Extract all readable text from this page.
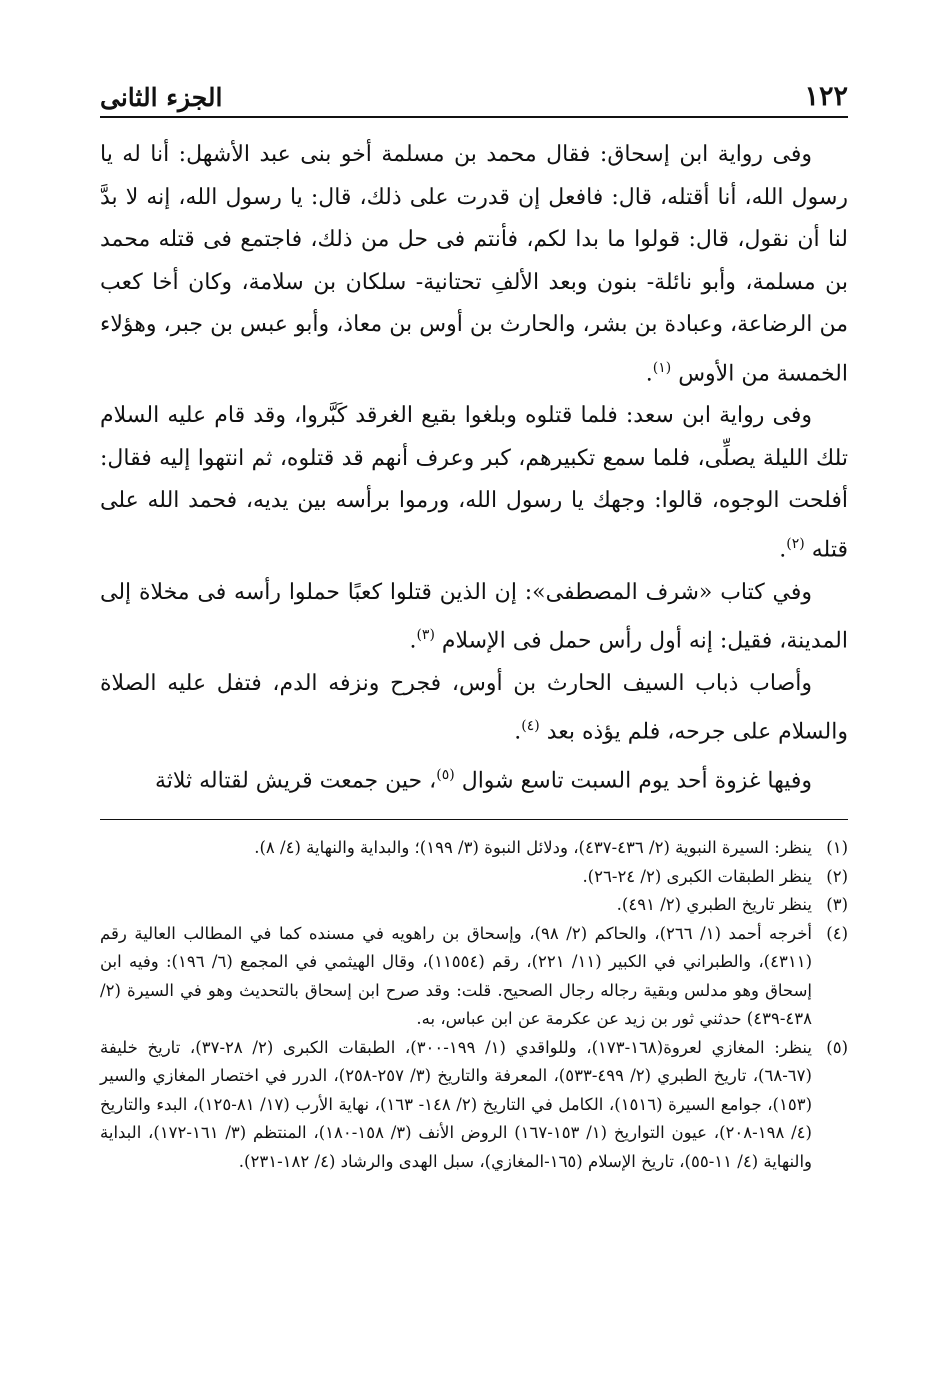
١٢٢
الجزء الثانى

وفى رواية ابن إسحاق: فقال محمد بن مسلمة أخو بنى عبد الأشهل: أنا له يا رسول الله، أنا أقتله، قال: فافعل إن قدرت على ذلك، قال: يا رسول الله، إنه لا بدَّ لنا أن نقول، قال: قولوا ما بدا لكم، فأنتم فى حل من ذلك، فاجتمع فى قتله محمد بن مسلمة، وأبو نائلة- بنون وبعد الألفِ تحتانية- سلكان بن سلامة، وكان أخا كعب من الرضاعة، وعبادة بن بشر، والحارث بن أوس بن معاذ، وأبو عبس بن جبر، وهؤلاء الخمسة من الأوس $^{(١)}$.

وفى رواية ابن سعد: فلما قتلوه وبلغوا بقيع الغرقد كَبَّروا، وقد قام عليه السلام تلك الليلة يصلِّى، فلما سمع تكبيرهم، كبر وعرف أنهم قد قتلوه، ثم انتهوا إليه فقال: أفلحت الوجوه، قالوا: وجهك يا رسول الله، ورموا برأسه بين يديه، فحمد الله على قتله $^{(٢)}$.

وفي كتاب «شرف المصطفى»: إن الذين قتلوا كعبًا حملوا رأسه فى مخلاة إلى المدينة، فقيل: إنه أول رأس حمل فى الإسلام $^{(٣)}$.

وأصاب ذباب السيف الحارث بن أوس، فجرح ونزفه الدم، فتفل عليه الصلاة والسلام على جرحه، فلم يؤذه بعد $^{(٤)}$.

وفيها غزوة أحد يوم السبت تاسع شوال $^{(٥)}$، حين جمعت قريش لقتاله ثلاثة

(١)
ينظر: السيرة النبوية (٢/ ٤٣٦-٤٣٧)، ودلائل النبوة (٣/ ١٩٩)؛ والبداية والنهاية (٤/ ٨).
(٢)
ينظر الطبقات الكبرى (٢/ ٢٤-٢٦).
(٣)
ينظر تاريخ الطبري (٢/ ٤٩١).
(٤)
أخرجه أحمد (١/ ٢٦٦)، والحاكم (٢/ ٩٨)، وإسحاق بن راهويه في مسنده كما في المطالب العالية رقم (٤٣١١)، والطبراني في الكبير (١١/ ٢٢١)، رقم (١١٥٥٤)، وقال الهيثمي في المجمع (٦/ ١٩٦): وفيه ابن إسحاق وهو مدلس وبقية رجاله رجال الصحيح. قلت: وقد صرح ابن إسحاق بالتحديث وهو في السيرة (٢/ ٤٣٨-٤٣٩) حدثني ثور بن زيد عن عكرمة عن ابن عباس، به.
(٥)
ينظر: المغازي لعروة(١٦٨-١٧٣)، وللواقدي (١/ ١٩٩-٣٠٠)، الطبقات الكبرى (٢/ ٢٨-٣٧)، تاريخ خليفة (٦٧-٦٨)، تاريخ الطبري (٢/ ٤٩٩-٥٣٣)، المعرفة والتاريخ (٣/ ٢٥٧-٢٥٨)، الدرر في اختصار المغازي والسير (١٥٣)، جوامع السيرة (١٥١٦)، الكامل في التاريخ (٢/ ١٤٨- ١٦٣)، نهاية الأرب (١٧/ ٨١-١٢٥)، البدء والتاريخ (٤/ ١٩٨-٢٠٨)، عيون التواريخ (١/ ١٥٣-١٦٧) الروض الأنف (٣/ ١٥٨-١٨٠)، المنتظم (٣/ ١٦١-١٧٢)، البداية والنهاية (٤/ ١١-٥٥)، تاريخ الإسلام (١٦٥-المغازي)، سبل الهدى والرشاد (٤/ ١٨٢-٢٣١).
